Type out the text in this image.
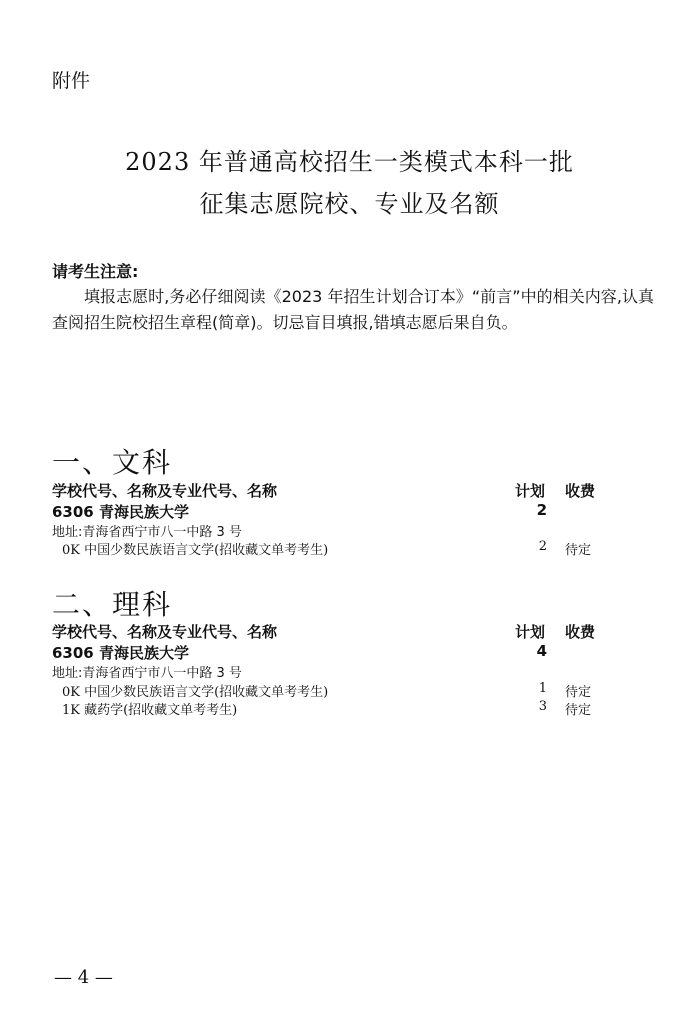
附件
2023 年普通高校招生一类模式本科一批
征集志愿院校、专业及名额
请考生注意:
填报志愿时,务必仔细阅读《2023 年招生计划合订本》“前言”中的相关内容,认真查阅招生院校招生章程(简章)。切忌盲目填报,错填志愿后果自负。
一、文科
学校代号、名称及专业代号、名称	计划 收费
6306 青海民族大学	2
地址:青海省西宁市八一中路 3 号
0K 中国少数民族语言文学(招收藏文单考考生)	2 待定
二、理科
学校代号、名称及专业代号、名称	计划 收费
6306 青海民族大学	4
地址:青海省西宁市八一中路 3 号
0K 中国少数民族语言文学(招收藏文单考考生)	1 待定
1K 藏药学(招收藏文单考考生)	3 待定
— 4 —
